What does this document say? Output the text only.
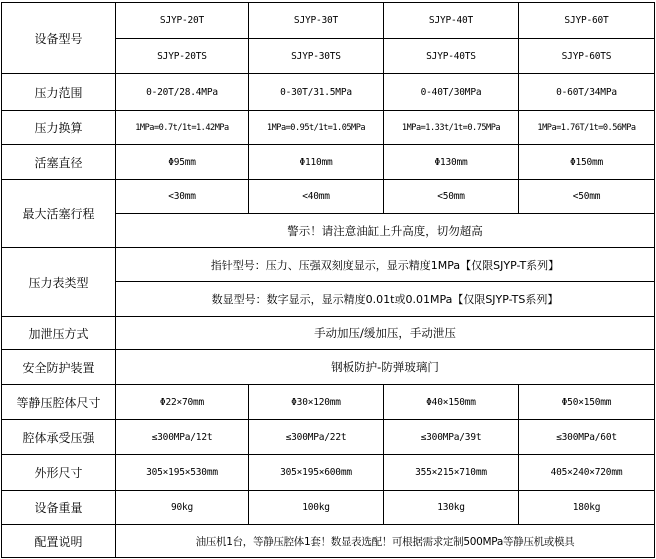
设备型号	SJYP-20T	SJYP-30T	SJYP-40T	SJYP-60T
	SJYP-20TS	SJYP-30TS	SJYP-40TS	SJYP-60TS
压力范围	0-20T/28.4MPa	0-30T/31.5MPa	0-40T/30MPa	0-60T/34MPa
压力换算	1MPa=0.7t/1t=1.42MPa	1MPa=0.95t/1t=1.05MPa	1MPa=1.33t/1t=0.75MPa	1MPa=1.76T/1t=0.56MPa
活塞直径	Φ95mm	Φ110mm	Φ130mm	Φ150mm
最大活塞行程	<30mm	<40mm	<50mm	<50mm
	警示！请注意油缸上升高度，切勿超高			
压力表类型	指针型号：压力、压强双刻度显示，显示精度1MPa【仅限SJYP-T系列】			
	数显型号：数字显示，显示精度0.01t或0.01MPa【仅限SJYP-TS系列】			
加泄压方式	手动加压/缓加压，手动泄压			
安全防护装置	钢板防护-防弹玻璃门			
等静压腔体尺寸	Φ22×70mm	Φ30×120mm	Φ40×150mm	Φ50×150mm
腔体承受压强	≤300MPa/12t	≤300MPa/22t	≤300MPa/39t	≤300MPa/60t
外形尺寸	305×195×530mm	305×195×600mm	355×215×710mm	405×240×720mm
设备重量	90kg	100kg	130kg	180kg
配置说明	油压机1台，等静压腔体1套！数显表选配！可根据需求定制500MPa等静压机或模具			
